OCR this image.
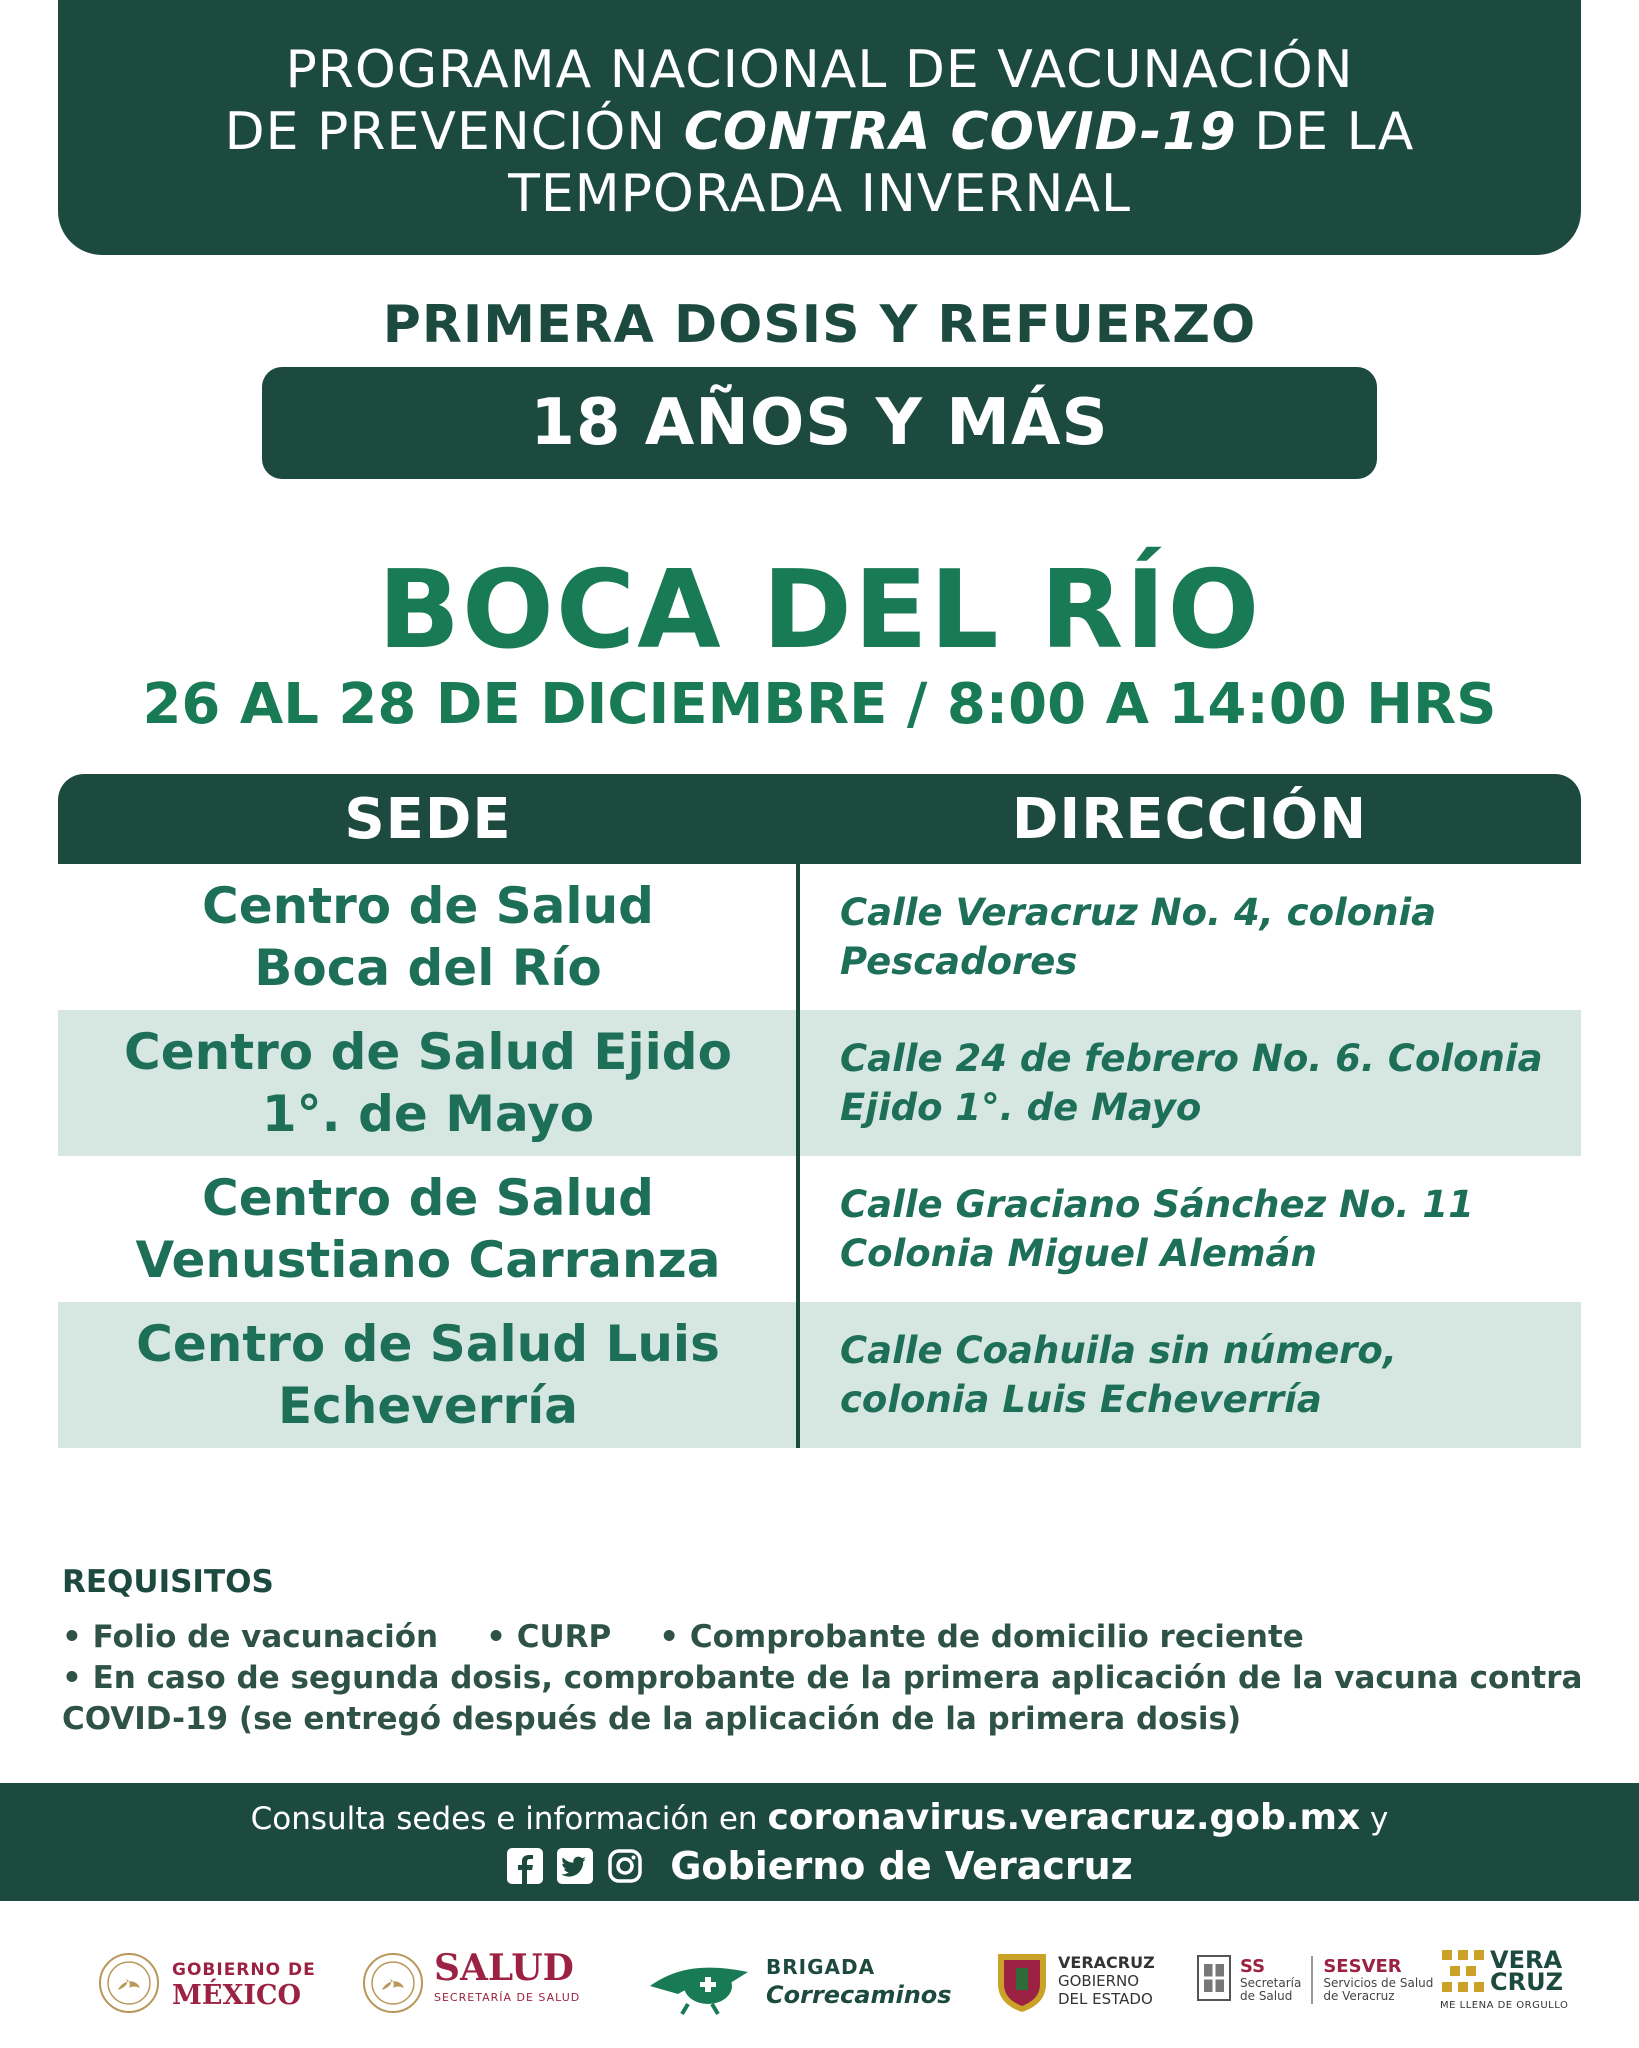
PROGRAMA NACIONAL DE VACUNACIÓN
DE PREVENCIÓN CONTRA COVID-19 DE LA
TEMPORADA INVERNAL
PRIMERA DOSIS Y REFUERZO
18 AÑOS Y MÁS
BOCA DEL RÍO
26 AL 28 DE DICIEMBRE / 8:00 A 14:00 HRS
SEDE	DIRECCIÓN
Centro de Salud
Boca del Río
Calle Veracruz No. 4, colonia
Pescadores
Centro de Salud Ejido
1°. de Mayo
Calle 24 de febrero No. 6. Colonia
Ejido 1°. de Mayo
Centro de Salud
Venustiano Carranza
Calle Graciano Sánchez No. 11
Colonia Miguel Alemán
Centro de Salud Luis
Echeverría
Calle Coahuila sin número,
colonia Luis Echeverría
REQUISITOS
• Folio de vacunación • CURP • Comprobante de domicilio reciente
• En caso de segunda dosis, comprobante de la primera aplicación de la vacuna contra
COVID-19 (se entregó después de la aplicación de la primera dosis)
Consulta sedes e información en coronavirus.veracruz.gob.mx y
Gobierno de Veracruz
GOBIERNO DE
MÉXICO
SALUD
SECRETARÍA DE SALUD
BRIGADA
Correcaminos
VERACRUZ
GOBIERNO
DEL ESTADO
SS
Secretaría
de Salud
SESVER
Servicios de Salud
de Veracruz
VERA
CRUZ
ME LLENA DE ORGULLO
